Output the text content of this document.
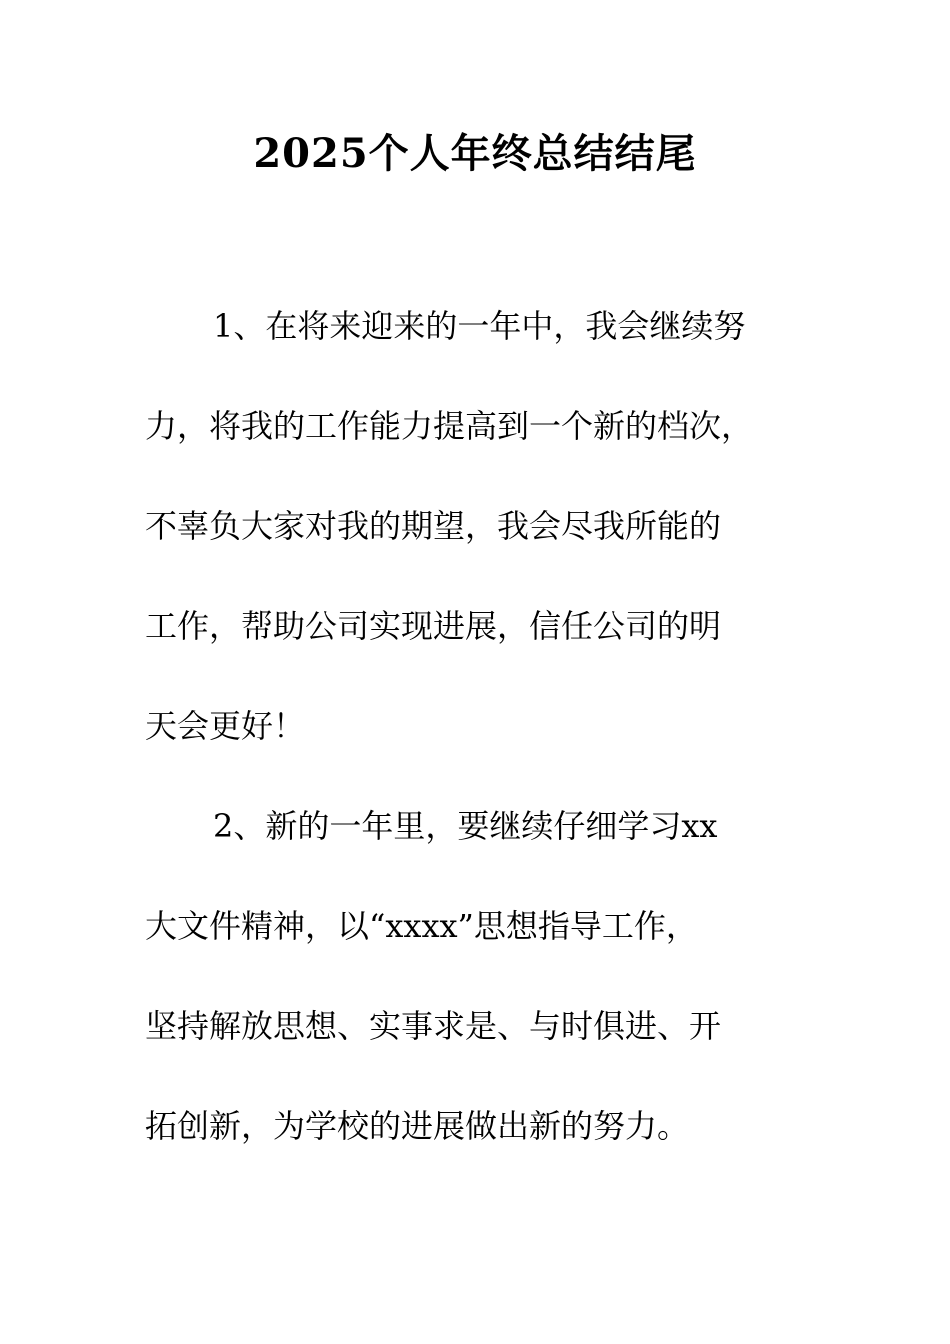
2025个人年终总结结尾
1、在将来迎来的一年中，我会继续努
力，将我的工作能力提高到一个新的档次，
不辜负大家对我的期望，我会尽我所能的
工作，帮助公司实现进展，信任公司的明
天会更好！
2、新的一年里，要继续仔细学习xx
大文件精神，以“xxxx”思想指导工作，
坚持解放思想、实事求是、与时俱进、开
拓创新，为学校的进展做出新的努力。
